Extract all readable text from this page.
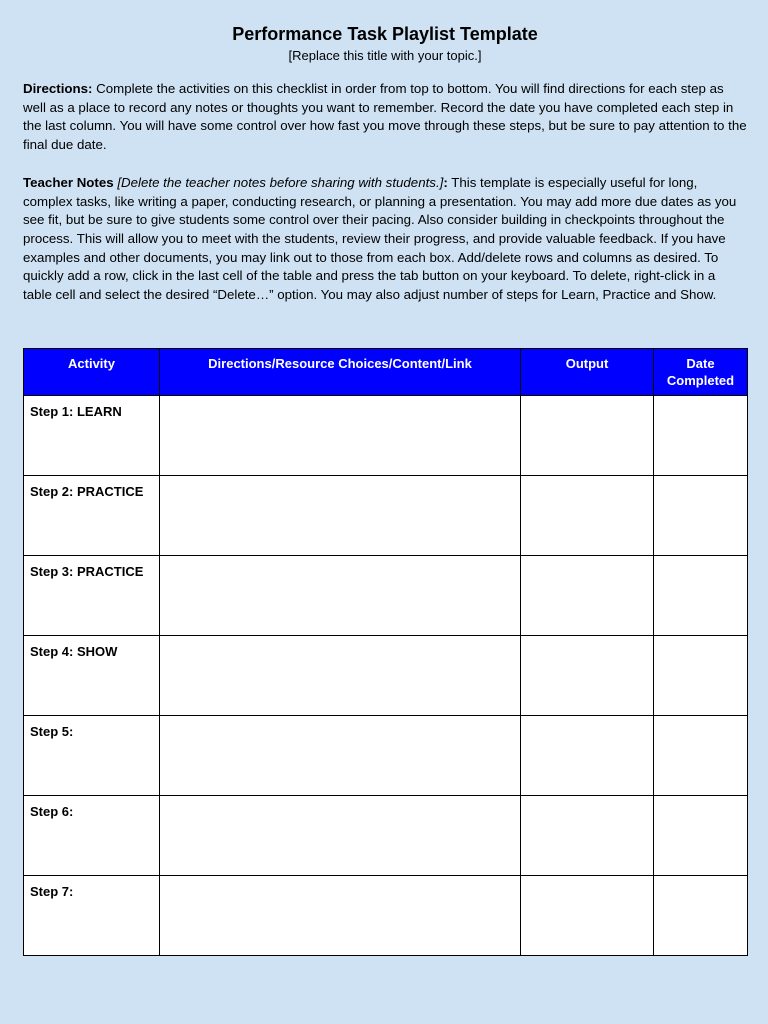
Performance Task Playlist Template

[Replace this title with your topic.]

Directions: Complete the activities on this checklist in order from top to bottom. You will find directions for each step as well as a place to record any notes or thoughts you want to remember. Record the date you have completed each step in the last column. You will have some control over how fast you move through these steps, but be sure to pay attention to the final due date.

Teacher Notes [Delete the teacher notes before sharing with students.]: This template is especially useful for long, complex tasks, like writing a paper, conducting research, or planning a presentation. You may add more due dates as you see fit, but be sure to give students some control over their pacing. Also consider building in checkpoints throughout the process. This will allow you to meet with the students, review their progress, and provide valuable feedback. If you have examples and other documents, you may link out to those from each box. Add/delete rows and columns as desired. To quickly add a row, click in the last cell of the table and press the tab button on your keyboard. To delete, right-click in a table cell and select the desired “Delete…” option. You may also adjust number of steps for Learn, Practice and Show.

Activity	Directions/Resource Choices/Content/Link	Output	Date Completed
Step 1: LEARN			
Step 2: PRACTICE			
Step 3: PRACTICE			
Step 4: SHOW			
Step 5:			
Step 6:			
Step 7:			
